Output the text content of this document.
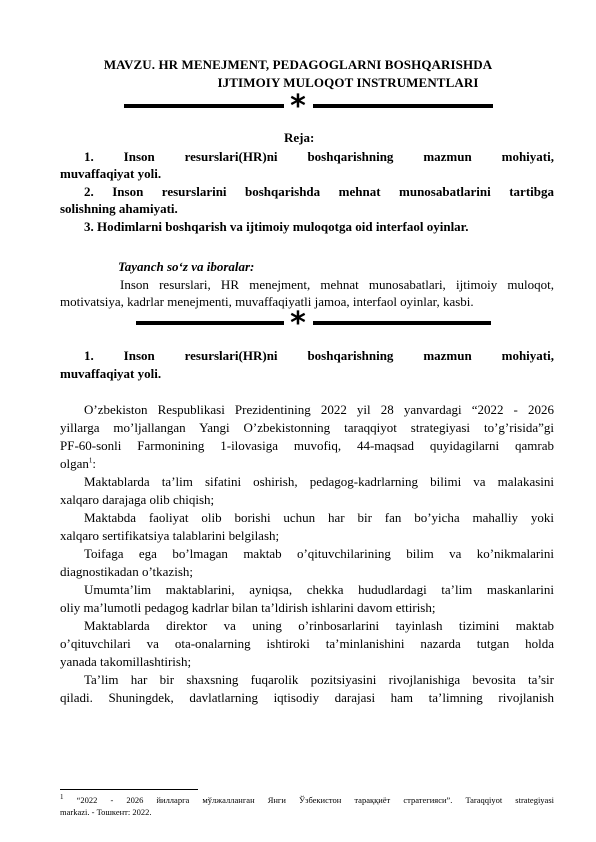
MAVZU. HR MENEJMENT, PEDAGOGLARNI BOSHQARISHDA
IJTIMOIY MULOQOT INSTRUMENTLARI
*
Reja:
1. Inson resurslari(HR)ni boshqarishning mazmun mohiyati,
muvaffaqiyat yoli.
2. Inson resurslarini boshqarishda mehnat munosabatlarini tartibga
solishning ahamiyati.
3. Hodimlarni boshqarish va ijtimoiy muloqotga oid interfaol oyinlar.
Tayanch so‘z va iboralar:
Inson resurslari, HR menejment, mehnat munosabatlari, ijtimoiy muloqot,
motivatsiya, kadrlar menejmenti, muvaffaqiyatli jamoa, interfaol oyinlar, kasbi.
*
1. Inson resurslari(HR)ni boshqarishning mazmun mohiyati,
muvaffaqiyat yoli.
O’zbekiston Respublikasi Prezidentining 2022 yil 28 yanvardagi “2022 - 2026
yillarga mo’ljallangan Yangi O’zbekistonning taraqqiyot strategiyasi to’g’risida”gi
PF-60-sonli Farmonining 1-ilovasiga muvofiq, 44-maqsad quyidagilarni qamrab
olgan$^1$:
Maktablarda ta’lim sifatini oshirish, pedagog-kadrlarning bilimi va malakasini
xalqaro darajaga olib chiqish;
Maktabda faoliyat olib borishi uchun har bir fan bo’yicha mahalliy yoki
xalqaro sertifikatsiya talablarini belgilash;
Toifaga ega bo’lmagan maktab o’qituvchilarining bilim va ko’nikmalarini
diagnostikadan o’tkazish;
Umumta’lim maktablarini, ayniqsa, chekka hududlardagi ta’lim maskanlarini
oliy ma’lumotli pedagog kadrlar bilan ta’ldirish ishlarini davom ettirish;
Maktablarda direktor va uning o’rinbosarlarini tayinlash tizimini maktab
o’qituvchilari va ota-onalarning ishtiroki ta’minlanishini nazarda tutgan holda
yanada takomillashtirish;
Ta’lim har bir shaxsning fuqarolik pozitsiyasini rivojlanishiga bevosita ta’sir
qiladi. Shuningdek, davlatlarning iqtisodiy darajasi ham ta’limning rivojlanish
$^1$ “2022 - 2026 йилларга мўлжалланган Янги Ўзбекистон тараққиёт стратегияси”. Taraqqiyot strategiyasi
markazi. - Тошкент: 2022.
